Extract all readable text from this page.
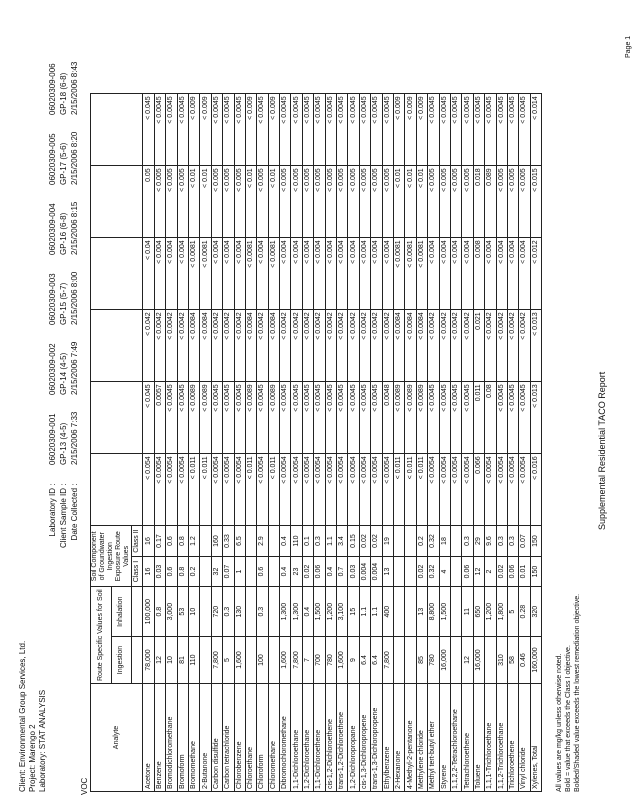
Supplemental Residential TACO Report
Client: Environmental Group Services, Ltd. Project: Marengo 2 Laboratory: STAT ANALYSIS
Laboratory ID : Client Sample ID : Date Collected :
06020309-001 GP-13 (4-5) 2/15/2006 7:33
06020309-002 GP-14 (4-5) 2/15/2006 7:49
06020309-003 GP-15 (5-7) 2/15/2006 8:00
06020309-004 GP-16 (6-8) 2/15/2006 8:15
06020309-005 GP-17 (5-6) 2/15/2006 8:20
06020309-006 GP-18 (6-8) 2/15/2006 8:43
VOC
Analyte	Route Specific Values for Soil		Soil Component of Groundwater Ingestion Exposure Route Values							
	Ingestion	Inhalation								
			Class I	Class II						
Acetone	78,000	100,000	16	16	< 0.054	< 0.045	< 0.042	< 0.04	0.05	< 0.045
Benzene	12	0.8	0.03	0.17	< 0.0054	0.0057	< 0.0042	< 0.004	< 0.005	< 0.0045
Bromodichloromethane	10	3,000	0.6	0.6	< 0.0054	< 0.0045	< 0.0042	< 0.004	< 0.005	< 0.0045
Bromoform	81	53	0.8	0.8	< 0.0054	< 0.0045	< 0.0042	< 0.004	< 0.005	< 0.0045
Bromomethane	110	10	0.2	1.2	< 0.011	< 0.0089	< 0.0084	< 0.0081	< 0.01	< 0.009
2-Butanone					< 0.011	< 0.0089	< 0.0084	< 0.0081	< 0.01	< 0.009
Carbon disulfide	7,800	720	32	160	< 0.0054	< 0.0045	< 0.0042	< 0.004	< 0.005	< 0.0045
Carbon tetrachloride	5	0.3	0.07	0.33	< 0.0054	< 0.0045	< 0.0042	< 0.004	< 0.005	< 0.0045
Chlorobenzene	1,600	130	1	6.5	< 0.0054	< 0.0045	< 0.0042	< 0.004	< 0.005	< 0.0045
Chloroethane					< 0.011	< 0.0089	< 0.0084	< 0.0081	< 0.01	< 0.009
Chloroform	100	0.3	0.6	2.9	< 0.0054	< 0.0045	< 0.0042	< 0.004	< 0.005	< 0.0045
Chloromethane					< 0.011	< 0.0089	< 0.0084	< 0.0081	< 0.01	< 0.009
Dibromochloromethane	1,600	1,300	0.4	0.4	< 0.0054	< 0.0045	< 0.0042	< 0.004	< 0.005	< 0.0045
1,1-Dichloroethane	7,800	1,300	23	110	< 0.0054	< 0.0045	< 0.0042	< 0.004	< 0.005	< 0.0045
1,2-Dichloroethane	7	0.4	0.02	0.1	< 0.0054	< 0.0045	< 0.0042	< 0.004	< 0.005	< 0.0045
1,1-Dichloroethene	700	1,500	0.06	0.3	< 0.0054	< 0.0045	< 0.0042	< 0.004	< 0.005	< 0.0045
cis-1,2-Dichloroethene	780	1,200	0.4	1.1	< 0.0054	< 0.0045	< 0.0042	< 0.004	< 0.005	< 0.0045
trans-1,2-Dichloroethene	1,600	3,100	0.7	3.4	< 0.0054	< 0.0045	< 0.0042	< 0.004	< 0.005	< 0.0045
1,2-Dichloropropane	9	15	0.03	0.15	< 0.0054	< 0.0045	< 0.0042	< 0.004	< 0.005	< 0.0045
cis-1,3-Dichloropropene	6.4	1.1	0.004	0.02	< 0.0054	< 0.0045	< 0.0042	< 0.004	< 0.005	< 0.0045
trans-1,3-Dichloropropene	6.4	1.1	0.004	0.02	< 0.0054	< 0.0045	< 0.0042	< 0.004	< 0.005	< 0.0045
Ethylbenzene	7,800	400	13	19	< 0.0054	0.0048	< 0.0042	< 0.004	< 0.005	< 0.0045
2-Hexanone					< 0.011	< 0.0089	< 0.0084	< 0.0081	< 0.01	< 0.009
4-Methyl-2-pentanone					< 0.011	< 0.0089	< 0.0084	< 0.0081	< 0.01	< 0.009
Methylene chloride	85	13	0.02	0.2	< 0.011	< 0.0089	< 0.0084	< 0.0081	< 0.01	< 0.009
Methyl tert-butyl ether	780	8,800	0.32	0.32	< 0.0054	< 0.0045	< 0.0042	< 0.004	< 0.005	< 0.0045
Styrene	16,000	1,500	4	18	< 0.0054	< 0.0045	< 0.0042	< 0.004	< 0.005	< 0.0045
1,1,2,2-Tetrachloroethane					< 0.0054	< 0.0045	< 0.0042	< 0.004	< 0.005	< 0.0045
Tetrachloroethene	12	11	0.06	0.3	< 0.0054	< 0.0045	< 0.0042	< 0.004	< 0.005	< 0.0045
Toluene	16,000	650	12	29	0.066	0.011	0.021	0.008	0.018	< 0.0045
1,1,1-Trichloroethane		1,200	2	9.6	< 0.0054	0.08	< 0.0042	< 0.004	0.089	< 0.0045
1,1,2-Trichloroethane	310	1,800	0.02	0.3	< 0.0054	< 0.0045	< 0.0042	< 0.004	< 0.005	< 0.0045
Trichloroethene	58	5	0.06	0.3	< 0.0054	< 0.0045	< 0.0042	< 0.004	< 0.005	< 0.0045
Vinyl chloride	0.46	0.28	0.01	0.07	< 0.0054	< 0.0045	< 0.0042	< 0.004	< 0.005	< 0.0045
Xylenes, Total	160,000	320	150	150	< 0.016	< 0.013	< 0.013	< 0.012	< 0.015	< 0.014
All values are mg/kg unless otherwise noted. Bold = value that exceeds the Class I objective. Bolded/Shaded value exceeds the lowest remediation objective.
Page 1
